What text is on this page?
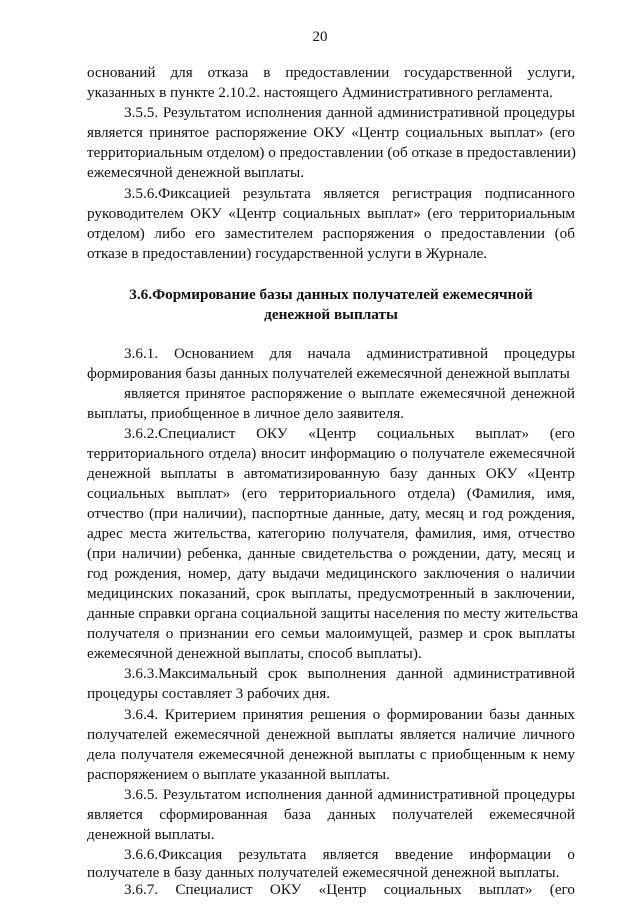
20
оснований для отказа в предоставлении государственной услуги,
указанных в пункте 2.10.2. настоящего Административного регламента.
3.5.5. Результатом исполнения данной административной процедуры
является принятое распоряжение ОКУ «Центр социальных выплат» (его
территориальным отделом) о предоставлении (об отказе в предоставлении)
ежемесячной денежной выплаты.
3.5.6.Фиксацией результата является регистрация подписанного
руководителем ОКУ «Центр социальных выплат» (его территориальным
отделом) либо его заместителем распоряжения о предоставлении (об
отказе в предоставлении) государственной услуги в Журнале.
3.6.Формирование базы данных получателей ежемесячной
денежной выплаты
3.6.1. Основанием для начала административной процедуры
формирования базы данных получателей ежемесячной денежной выплаты
является принятое распоряжение о выплате ежемесячной денежной
выплаты, приобщенное в личное дело заявителя.
3.6.2.Специалист ОКУ «Центр социальных выплат» (его
территориального отдела) вносит информацию о получателе ежемесячной
денежной выплаты в автоматизированную базу данных ОКУ «Центр
социальных выплат» (его территориального отдела) (Фамилия, имя,
отчество (при наличии), паспортные данные, дату, месяц и год рождения,
адрес места жительства, категорию получателя, фамилия, имя, отчество
(при наличии) ребенка, данные свидетельства о рождении, дату, месяц и
год рождения, номер, дату выдачи медицинского заключения о наличии
медицинских показаний, срок выплаты, предусмотренный в заключении,
данные справки органа социальной защиты населения по месту жительства
получателя о признании его семьи малоимущей, размер и срок выплаты
ежемесячной денежной выплаты, способ выплаты).
3.6.3.Максимальный срок выполнения данной административной
процедуры составляет 3 рабочих дня.
3.6.4. Критерием принятия решения о формировании базы данных
получателей ежемесячной денежной выплаты является наличие личного
дела получателя ежемесячной денежной выплаты с приобщенным к нему
распоряжением о выплате указанной выплаты.
3.6.5. Результатом исполнения данной административной процедуры
является сформированная база данных получателей ежемесячной
денежной выплаты.
3.6.6.Фиксация результата является введение информации о
получателе в базу данных получателей ежемесячной денежной выплаты.
3.6.7. Специалист ОКУ «Центр социальных выплат» (его
